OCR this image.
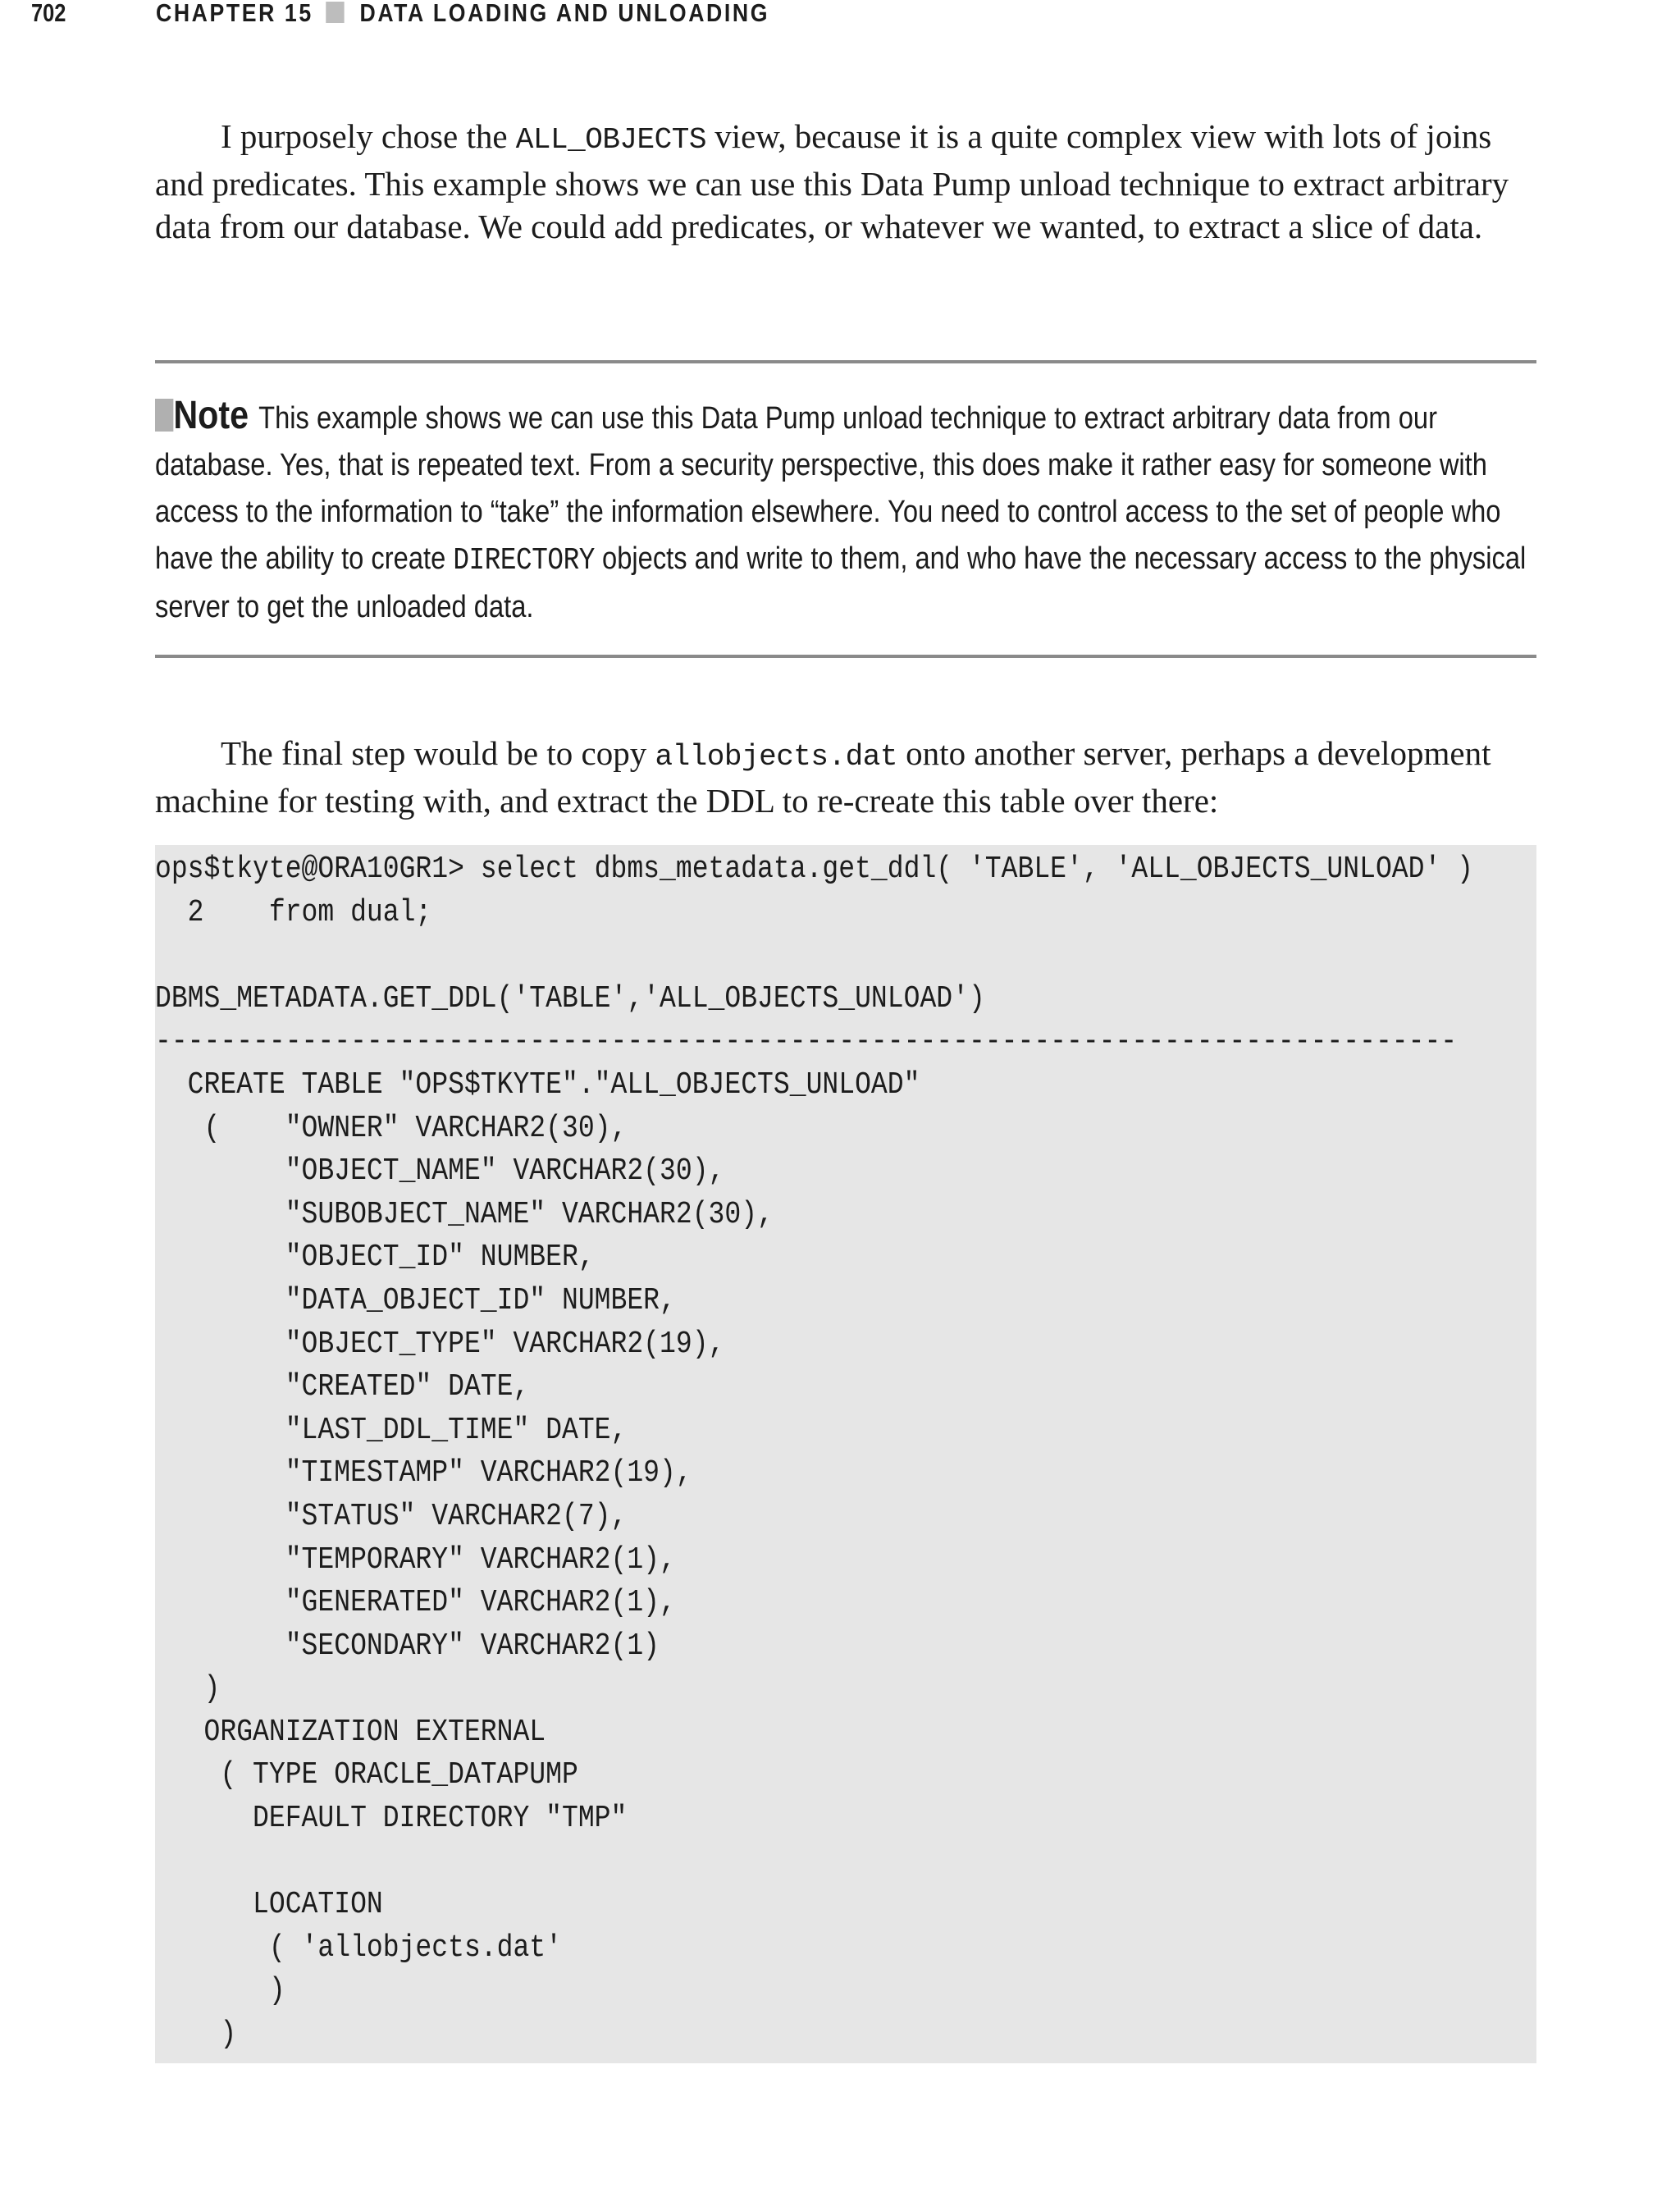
702	CHAPTER 15 DATA LOADING AND UNLOADING

I purposely chose the ALL_OBJECTS view, because it is a quite complex view with lots of joins and predicates. This example shows we can use this Data Pump unload technique to extract arbitrary data from our database. We could add predicates, or whatever we wanted, to extract a slice of data.

Note This example shows we can use this Data Pump unload technique to extract arbitrary data from our database. Yes, that is repeated text. From a security perspective, this does make it rather easy for someone with access to the information to “take” the information elsewhere. You need to control access to the set of people who have the ability to create DIRECTORY objects and write to them, and who have the necessary access to the physical server to get the unloaded data.

The final step would be to copy allobjects.dat onto another server, perhaps a development machine for testing with, and extract the DDL to re-create this table over there:

ops$tkyte@ORA10GR1> select dbms_metadata.get_ddl( 'TABLE', 'ALL_OBJECTS_UNLOAD' )
2    from dual;

DBMS_METADATA.GET_DDL('TABLE','ALL_OBJECTS_UNLOAD')
--------------------------------------------------------------------------------
CREATE TABLE "OPS$TKYTE"."ALL_OBJECTS_UNLOAD"
(    "OWNER" VARCHAR2(30),
"OBJECT_NAME" VARCHAR2(30),
"SUBOBJECT_NAME" VARCHAR2(30),
"OBJECT_ID" NUMBER,
"DATA_OBJECT_ID" NUMBER,
"OBJECT_TYPE" VARCHAR2(19),
"CREATED" DATE,
"LAST_DDL_TIME" DATE,
"TIMESTAMP" VARCHAR2(19),
"STATUS" VARCHAR2(7),
"TEMPORARY" VARCHAR2(1),
"GENERATED" VARCHAR2(1),
"SECONDARY" VARCHAR2(1)
)
ORGANIZATION EXTERNAL
( TYPE ORACLE_DATAPUMP
DEFAULT DIRECTORY "TMP"

LOCATION
( 'allobjects.dat'
)
)
